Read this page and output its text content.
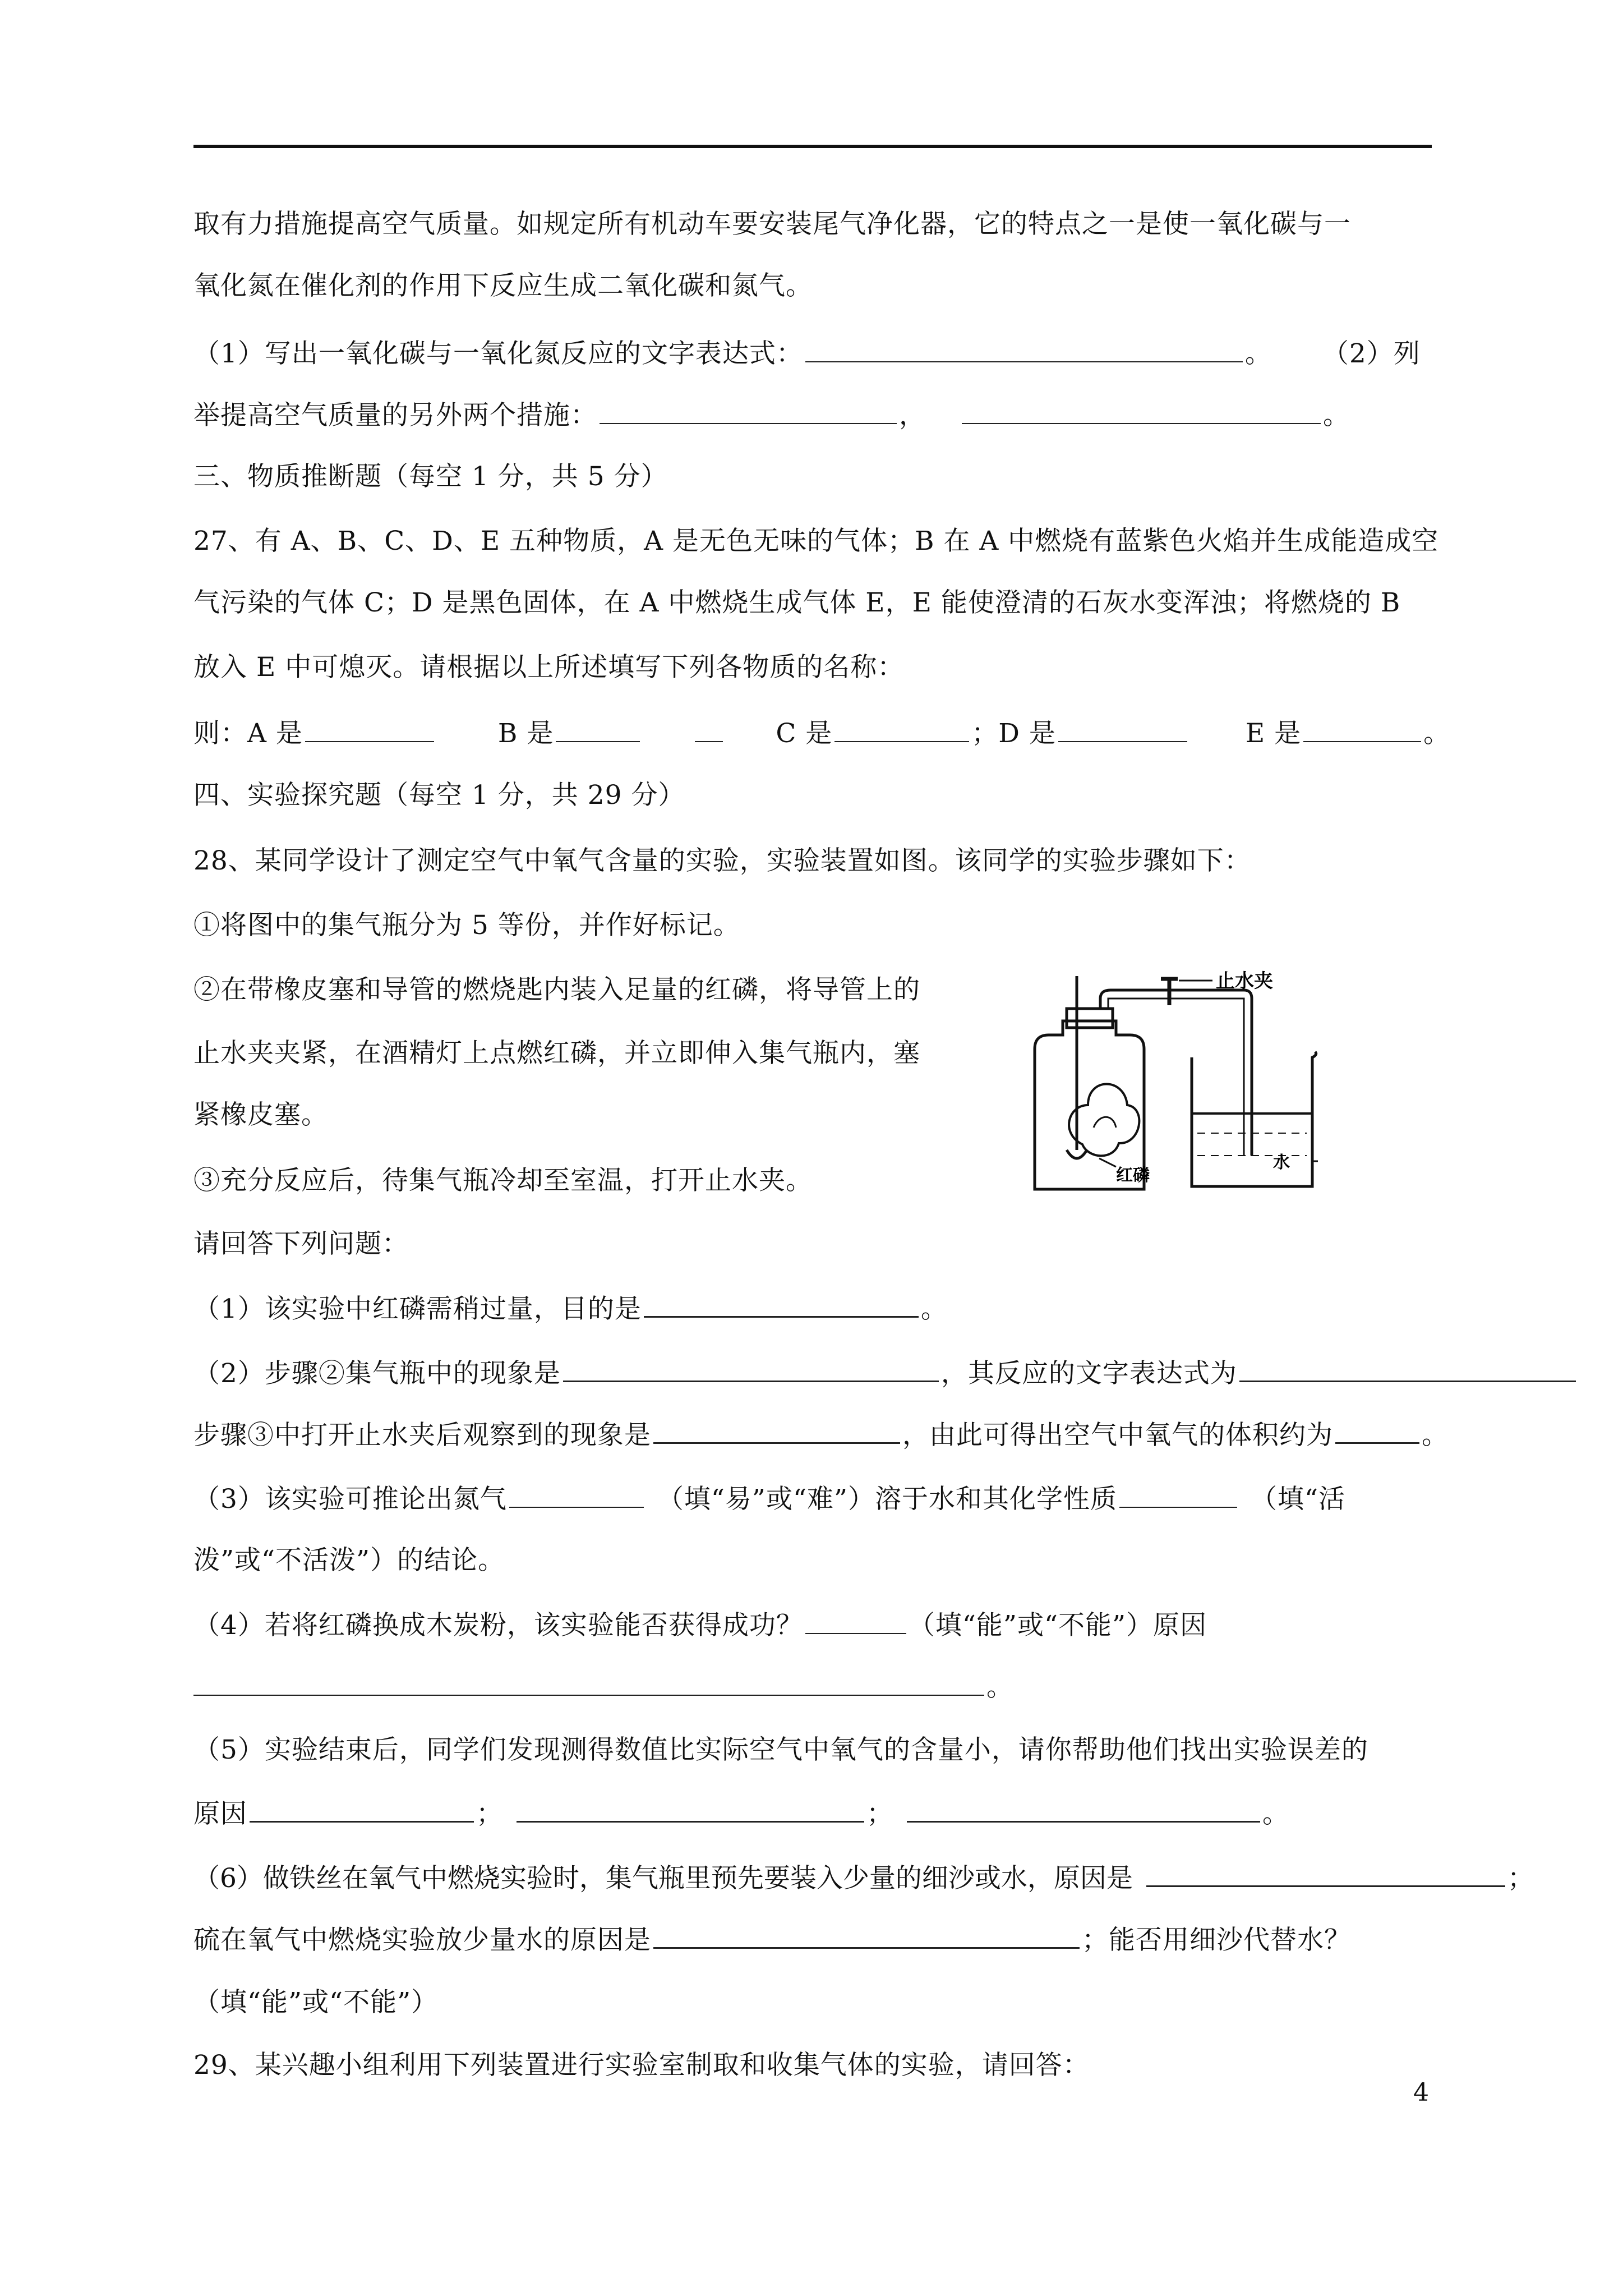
取有力措施提高空气质量。如规定所有机动车要安装尾气净化器，它的特点之一是使一氧化碳与一
氧化氮在催化剂的作用下反应生成二氧化碳和氮气。
（1）写出一氧化碳与一氧化氮反应的文字表达式：	。 （2）列
举提高空气质量的另外两个措施：	，	。
三、物质推断题（每空 1 分，共 5 分）
27、有 A、B、C、D、E 五种物质，A 是无色无味的气体；B 在 A 中燃烧有蓝紫色火焰并生成能造成空
气污染的气体 C；D 是黑色固体，在 A 中燃烧生成气体 E，E 能使澄清的石灰水变浑浊；将燃烧的 B
放入 E 中可熄灭。请根据以上所述填写下列各物质的名称：
则：A 是	B 是	C 是	；D 是	E 是	。
四、实验探究题（每空 1 分，共 29 分）
28、某同学设计了测定空气中氧气含量的实验，实验装置如图。该同学的实验步骤如下：
①将图中的集气瓶分为 5 等份，并作好标记。
②在带橡皮塞和导管的燃烧匙内装入足量的红磷，将导管上的
止水夹夹紧，在酒精灯上点燃红磷，并立即伸入集气瓶内，塞
紧橡皮塞。
③充分反应后，待集气瓶冷却至室温，打开止水夹。
止水夹
红磷
水
请回答下列问题：
（1）该实验中红磷需稍过量，目的是	。
（2）步骤②集气瓶中的现象是	，其反应的文字表达式为
步骤③中打开止水夹后观察到的现象是	，由此可得出空气中氧气的体积约为	。
（3）该实验可推论出氮气	（填“易”或“难”）溶于水和其化学性质	（填“活
泼”或“不活泼”）的结论。
（4）若将红磷换成木炭粉，该实验能否获得成功？	（填“能”或“不能”）原因
。
（5）实验结束后，同学们发现测得数值比实际空气中氧气的含量小，请你帮助他们找出实验误差的
原因	；	；	。
（6）做铁丝在氧气中燃烧实验时，集气瓶里预先要装入少量的细沙或水，原因是	；
硫在氧气中燃烧实验放少量水的原因是	；能否用细沙代替水？
（填“能”或“不能”）
29、某兴趣小组利用下列装置进行实验室制取和收集气体的实验，请回答：
4
